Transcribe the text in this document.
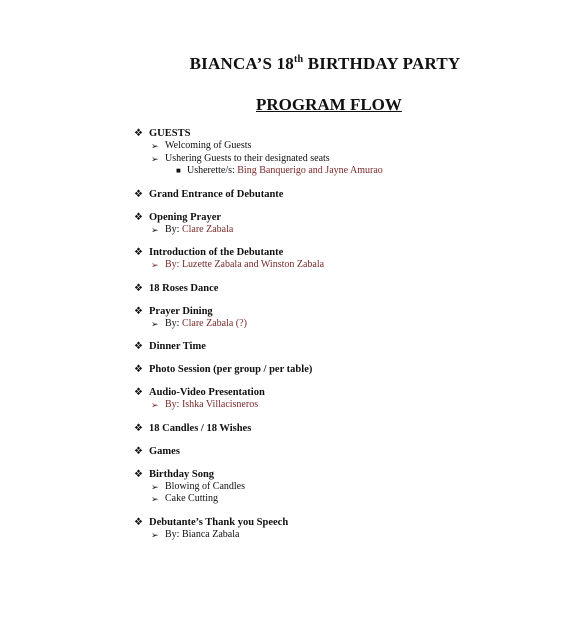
BIANCA’S 18th BIRTHDAY PARTY
PROGRAM FLOW
❖ GUESTS
➢ Welcoming of Guests
➢ Ushering Guests to their designated seats
■ Usherette/s: Bing Banquerigo and Jayne Amurao
❖ Grand Entrance of Debutante
❖ Opening Prayer
➢ By: Clare Zabala
❖ Introduction of the Debutante
➢ By: Luzette Zabala and Winston Zabala
❖ 18 Roses Dance
❖ Prayer Dining
➢ By: Clare Zabala (?)
❖ Dinner Time
❖ Photo Session (per group / per table)
❖ Audio-Video Presentation
➢ By: Ishka Villacisneros
❖ 18 Candles / 18 Wishes
❖ Games
❖ Birthday Song
➢ Blowing of Candles
➢ Cake Cutting
❖ Debutante’s Thank you Speech
➢ By: Bianca Zabala
